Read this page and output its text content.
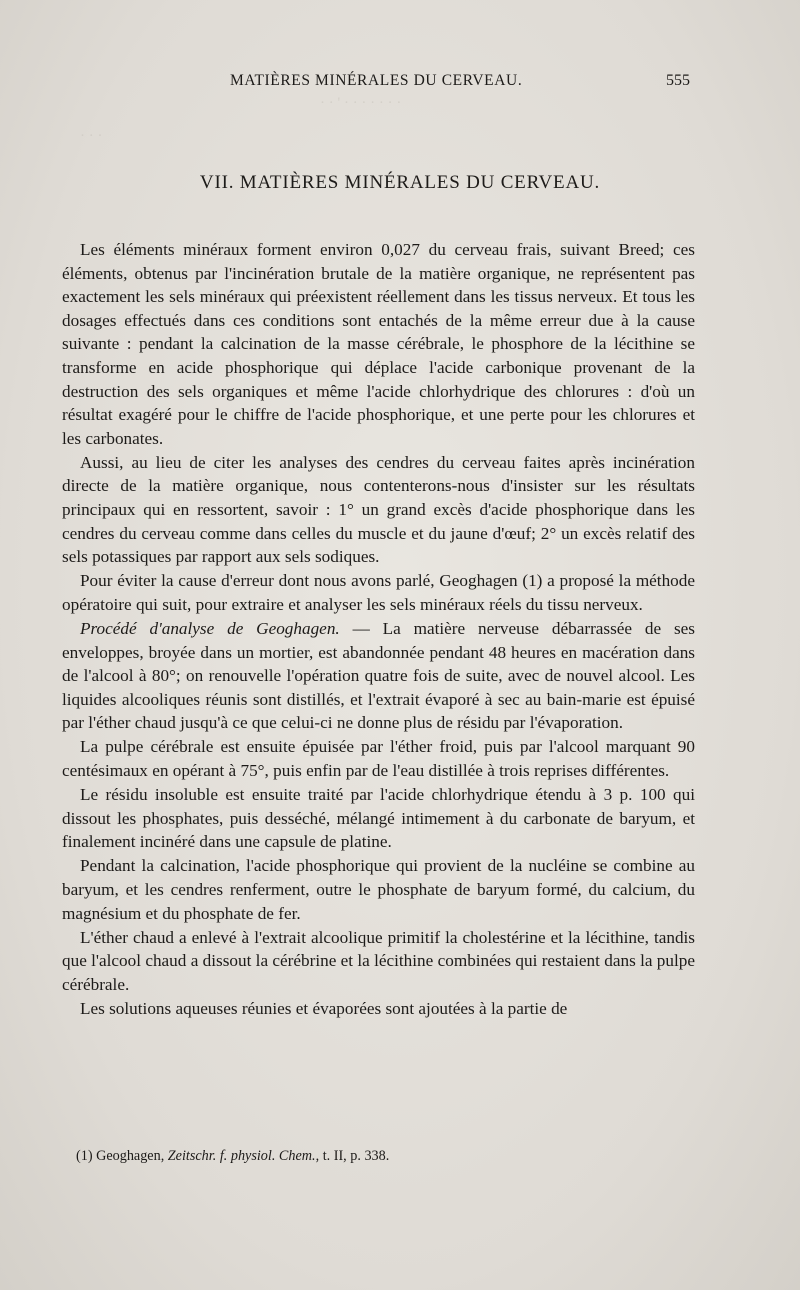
· · ' · · · · · · ·
· · ·
MATIÈRES MINÉRALES DU CERVEAU.	555
VII. MATIÈRES MINÉRALES DU CERVEAU.

Les éléments minéraux forment environ 0,027 du cerveau frais, suivant Breed; ces éléments, obtenus par l'incinération brutale de la matière organique, ne représentent pas exactement les sels minéraux qui préexistent réellement dans les tissus nerveux. Et tous les dosages effectués dans ces conditions sont entachés de la même erreur due à la cause suivante : pendant la calcination de la masse cérébrale, le phosphore de la lécithine se transforme en acide phosphorique qui déplace l'acide carbonique provenant de la destruction des sels organiques et même l'acide chlorhydrique des chlorures : d'où un résultat exagéré pour le chiffre de l'acide phosphorique, et une perte pour les chlorures et les carbonates.

Aussi, au lieu de citer les analyses des cendres du cerveau faites après incinération directe de la matière organique, nous contenterons-nous d'insister sur les résultats principaux qui en ressortent, savoir : 1° un grand excès d'acide phosphorique dans les cendres du cerveau comme dans celles du muscle et du jaune d'œuf; 2° un excès relatif des sels potassiques par rapport aux sels sodiques.

Pour éviter la cause d'erreur dont nous avons parlé, Geoghagen (1) a proposé la méthode opératoire qui suit, pour extraire et analyser les sels minéraux réels du tissu nerveux.

Procédé d'analyse de Geoghagen. — La matière nerveuse débarrassée de ses enveloppes, broyée dans un mortier, est abandonnée pendant 48 heures en macération dans de l'alcool à 80°; on renouvelle l'opération quatre fois de suite, avec de nouvel alcool. Les liquides alcooliques réunis sont distillés, et l'extrait évaporé à sec au bain-marie est épuisé par l'éther chaud jusqu'à ce que celui-ci ne donne plus de résidu par l'évaporation.

La pulpe cérébrale est ensuite épuisée par l'éther froid, puis par l'alcool marquant 90 centésimaux en opérant à 75°, puis enfin par de l'eau distillée à trois reprises différentes.

Le résidu insoluble est ensuite traité par l'acide chlorhydrique étendu à 3 p. 100 qui dissout les phosphates, puis desséché, mélangé intimement à du carbonate de baryum, et finalement incinéré dans une capsule de platine.

Pendant la calcination, l'acide phosphorique qui provient de la nucléine se combine au baryum, et les cendres renferment, outre le phosphate de baryum formé, du calcium, du magnésium et du phosphate de fer.

L'éther chaud a enlevé à l'extrait alcoolique primitif la cholestérine et la lécithine, tandis que l'alcool chaud a dissout la cérébrine et la lécithine combinées qui restaient dans la pulpe cérébrale.

Les solutions aqueuses réunies et évaporées sont ajoutées à la partie de

(1) Geoghagen, Zeitschr. f. physiol. Chem., t. II, p. 338.
